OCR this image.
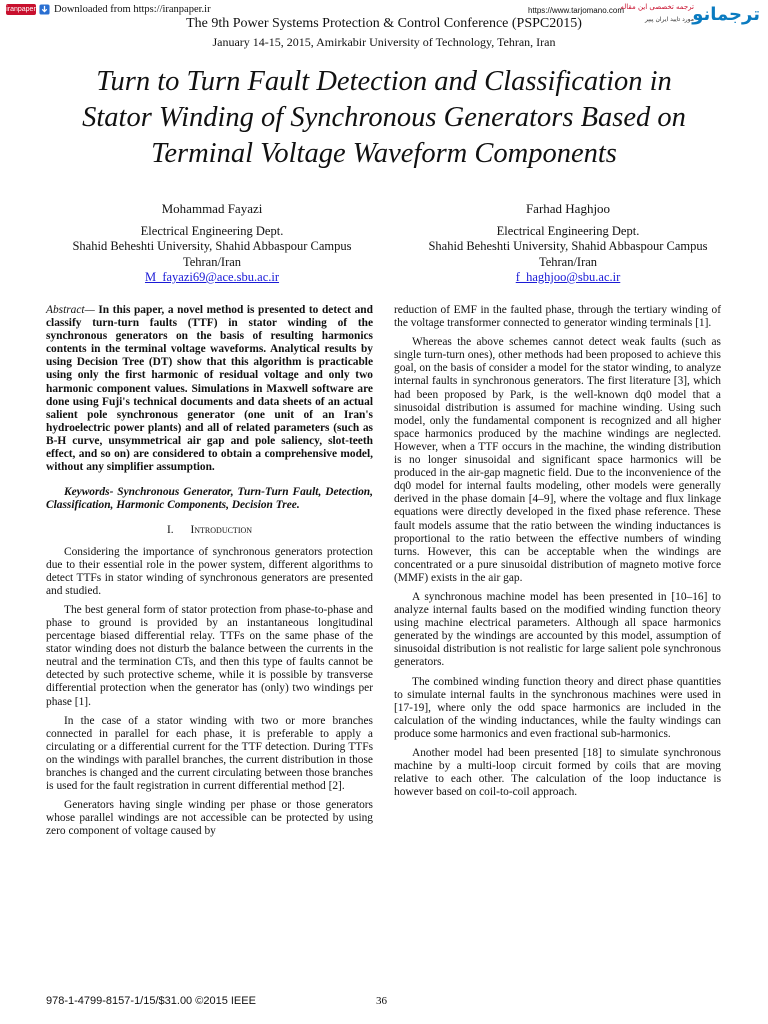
iranpaper Downloaded from https://iranpaper.ir	https://www.tarjomano.com
ترجمه تخصصی این مقاله
مورد تایید ایران پیپر
ترجمانو
The 9th Power Systems Protection & Control Conference (PSPC2015)
January 14-15, 2015, Amirkabir University of Technology, Tehran, Iran
Turn to Turn Fault Detection and Classification in
Stator Winding of Synchronous Generators Based on
Terminal Voltage Waveform Components
Mohammad Fayazi
Electrical Engineering Dept.
Shahid Beheshti University, Shahid Abbaspour Campus
Tehran/Iran
M_fayazi69@ace.sbu.ac.ir
Farhad Haghjoo
Electrical Engineering Dept.
Shahid Beheshti University, Shahid Abbaspour Campus
Tehran/Iran
f_haghjoo@sbu.ac.ir

Abstract— In this paper, a novel method is presented to detect and classify turn-turn faults (TTF) in stator winding of the synchronous generators on the basis of resulting harmonics contents in the terminal voltage waveforms. Analytical results by using Decision Tree (DT) show that this algorithm is practicable using only the first harmonic of residual voltage and only two harmonic component values. Simulations in Maxwell software are done using Fuji's technical documents and data sheets of an actual salient pole synchronous generator (one unit of an Iran's hydroelectric power plants) and all of related parameters (such as B-H curve, unsymmetrical air gap and pole saliency, slot-teeth effect, and so on) are considered to obtain a comprehensive model, without any simplifier assumption.

Keywords- Synchronous Generator, Turn-Turn Fault, Detection, Classification, Harmonic Components, Decision Tree.

I. Introduction

Considering the importance of synchronous generators protection due to their essential role in the power system, different algorithms to detect TTFs in stator winding of synchronous generators are presented and studied.

The best general form of stator protection from phase-to-phase and phase to ground is provided by an instantaneous longitudinal percentage biased differential relay. TTFs on the same phase of the stator winding does not disturb the balance between the currents in the neutral and the termination CTs, and then this type of faults cannot be detected by such protective scheme, while it is possible by transverse differential protection when the generator has (only) two windings per phase [1].

In the case of a stator winding with two or more branches connected in parallel for each phase, it is preferable to apply a circulating or a differential current for the TTF detection. During TTFs on the windings with parallel branches, the current distribution in those branches is changed and the current circulating between those branches is used for the fault registration in current differential method [2].

Generators having single winding per phase or those generators whose parallel windings are not accessible can be protected by using zero component of voltage caused by

reduction of EMF in the faulted phase, through the tertiary winding of the voltage transformer connected to generator winding terminals [1].

Whereas the above schemes cannot detect weak faults (such as single turn-turn ones), other methods had been proposed to achieve this goal, on the basis of consider a model for the stator winding, to analyze internal faults in synchronous generators. The first literature [3], which had been proposed by Park, is the well-known dq0 model that a sinusoidal distribution is assumed for machine winding. Using such model, only the fundamental component is recognized and all higher space harmonics produced by the machine windings are neglected. However, when a TTF occurs in the machine, the winding distribution is no longer sinusoidal and significant space harmonics will be produced in the air-gap magnetic field. Due to the inconvenience of the dq0 model for internal faults modeling, other models were generally derived in the phase domain [4–9], where the voltage and flux linkage equations were directly developed in the fixed phase reference. These fault models assume that the ratio between the winding inductances is proportional to the ratio between the effective numbers of winding turns. However, this can be acceptable when the windings are concentrated or a pure sinusoidal distribution of magneto motive force (MMF) exists in the air gap.

A synchronous machine model has been presented in [10–16] to analyze internal faults based on the modified winding function theory using machine electrical parameters. Although all space harmonics generated by the windings are accounted by this model, assumption of sinusoidal distribution is not realistic for large salient pole synchronous generators.

The combined winding function theory and direct phase quantities to simulate internal faults in the synchronous machines were used in [17-19], where only the odd space harmonics are included in the calculation of the winding inductances, while the faulty windings can produce some harmonics and even fractional sub-harmonics.

Another model had been presented [18] to simulate synchronous machine by a multi-loop circuit formed by coils that are moving relative to each other. The calculation of the loop inductance is however based on coil-to-coil approach.

978-1-4799-8157-1/15/$31.00 ©2015 IEEE	36
